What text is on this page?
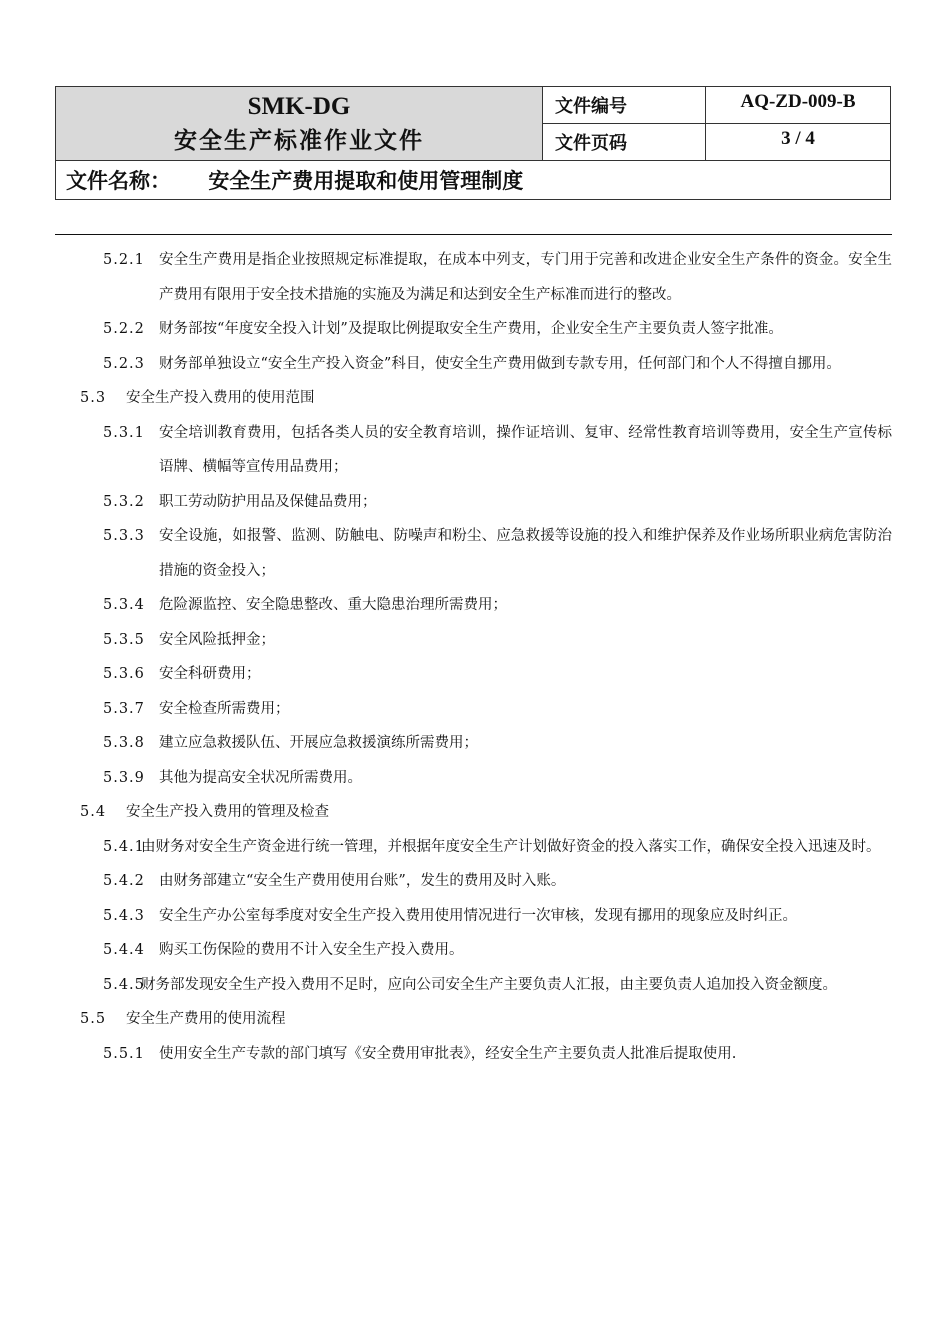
SMK-DG
安全生产标准作业文件	文件编号	AQ-ZD-009-B
	文件页码	3 / 4
文件名称： 安全生产费用提取和使用管理制度		
5.2.1 安全生产费用是指企业按照规定标准提取，在成本中列支，专门用于完善和改进企业安全生产条件的资金。安全生产费用有限用于安全技术措施的实施及为满足和达到安全生产标准而进行的整改。
5.2.2 财务部按“年度安全投入计划”及提取比例提取安全生产费用，企业安全生产主要负责人签字批准。
5.2.3 财务部单独设立“安全生产投入资金”科目，使安全生产费用做到专款专用，任何部门和个人不得擅自挪用。
5.3	安全生产投入费用的使用范围
5.3.1 安全培训教育费用，包括各类人员的安全教育培训，操作证培训、复审、经常性教育培训等费用，安全生产宣传标语牌、横幅等宣传用品费用；
5.3.2 职工劳动防护用品及保健品费用；
5.3.3 安全设施，如报警、监测、防触电、防噪声和粉尘、应急救援等设施的投入和维护保养及作业场所职业病危害防治措施的资金投入；
5.3.4 危险源监控、安全隐患整改、重大隐患治理所需费用；
5.3.5 安全风险抵押金；
5.3.6 安全科研费用；
5.3.7 安全检查所需费用；
5.3.8 建立应急救援队伍、开展应急救援演练所需费用；
5.3.9 其他为提高安全状况所需费用。
5.4	安全生产投入费用的管理及检查
5.4.1
由财务对安全生产资金进行统一管理，并根据年度安全生产计划做好资金的投入落实工作，确保安全投入迅速及时。
5.4.2 由财务部建立“安全生产费用使用台账”，发生的费用及时入账。
5.4.3 安全生产办公室每季度对安全生产投入费用使用情况进行一次审核，发现有挪用的现象应及时纠正。
5.4.4 购买工伤保险的费用不计入安全生产投入费用。
5.4.5
财务部发现安全生产投入费用不足时，应向公司安全生产主要负责人汇报，由主要负责人追加投入资金额度。
5.5	安全生产费用的使用流程
5.5.1 使用安全生产专款的部门填写《安全费用审批表》，经安全生产主要负责人批准后提取使用.
